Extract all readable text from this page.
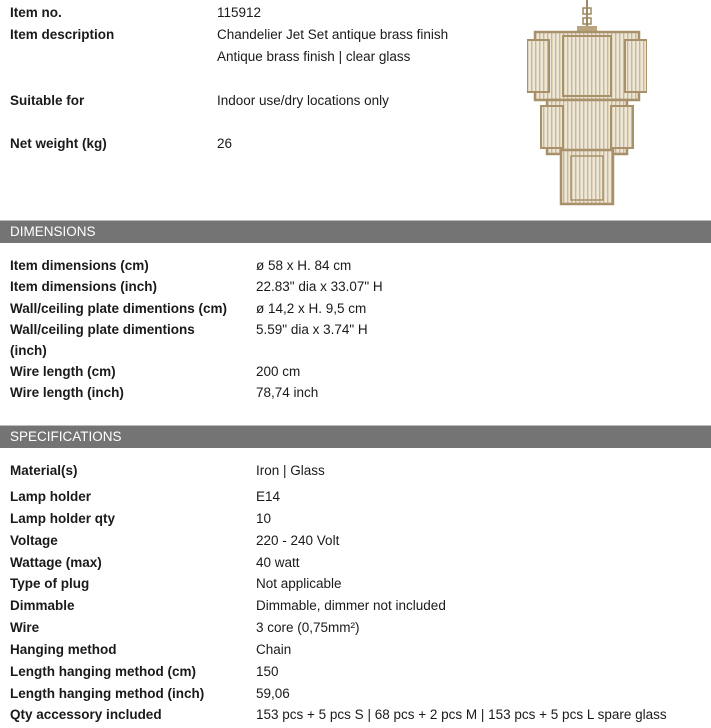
Item no.	115912
Item description	Chandelier Jet Set antique brass finish
Antique brass finish | clear glass
Suitable for	Indoor use/dry locations only
Net weight (kg)	26
DIMENSIONS
Item dimensions (cm)	ø 58 x H. 84 cm
Item dimensions (inch)	22.83" dia x 33.07" H
Wall/ceiling plate dimentions (cm) ø 14,2 x H. 9,5 cm
Wall/ceiling plate dimentions	5.59" dia x 3.74" H
(inch)
Wire length (cm)	200 cm
Wire length (inch)	78,74 inch
SPECIFICATIONS
Material(s)	Iron | Glass
Lamp holder	E14
Lamp holder qty	10
Voltage	220 - 240 Volt
Wattage (max)	40 watt
Type of plug	Not applicable
Dimmable	Dimmable, dimmer not included
Wire	3 core (0,75mm²)
Hanging method	Chain
Length hanging method (cm)	150
Length hanging method (inch)	59,06
Qty accessory included	153 pcs + 5 pcs S | 68 pcs + 2 pcs M | 153 pcs + 5 pcs L spare glass
